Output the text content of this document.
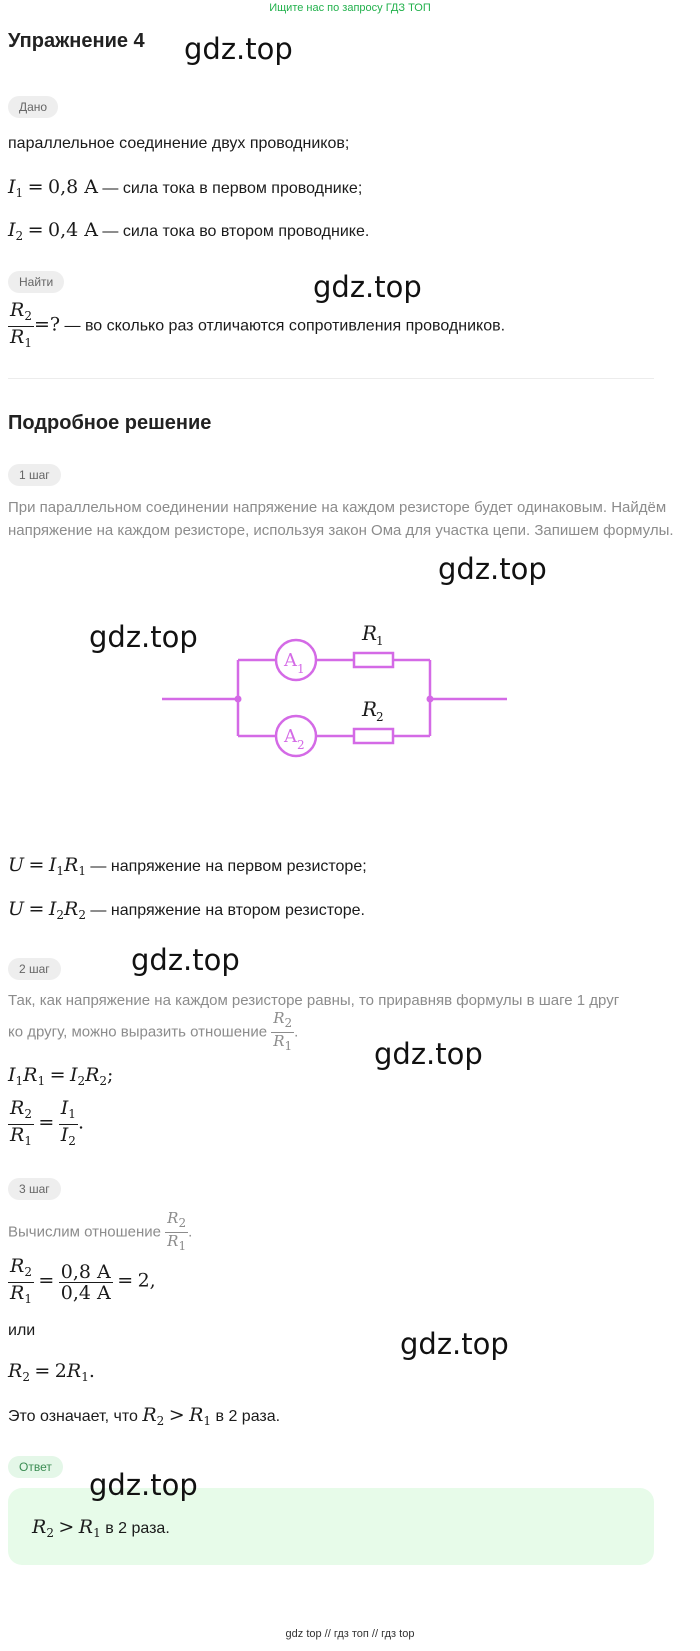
Ищите нас по запросу ГДЗ ТОП
Упражнение 4 gdz.top
Дано
параллельное соединение двух проводников;
$I_1 = 0,8$ A — сила тока в первом проводнике;
$I_2 = 0,4$ A — сила тока во втором проводнике.
Найти	gdz.top
$\frac{R_2}{R_1}$ =? — во сколько раз отличаются сопротивления проводников.
Подробное решение
1 шаг
При параллельном соединении напряжение на каждом резисторе будет одинаковым. Найдём напряжение на каждом резисторе, используя закон Ома для участка цепи. Запишем формулы.
gdz.top
gdz.top
A 1
A 2
R
1
R
2
$U = I_1R_1$ — напряжение на первом резисторе;
$U = I_2R_2$ — напряжение на втором резисторе.
2 шаг	gdz.top
Так, как напряжение на каждом резисторе равны, то приравняв формулы в шаге 1 друг
ко другу, можно выразить отношение $\frac{R_2}{R_1}$ .
gdz.top
$I_1R_1 = I_2R_2$;
$\frac{R_2}{R_1} = \frac{I_1}{I_2}$ .
3 шаг
Вычислим отношение $\frac{R_2}{R_1}$ .
$\frac{R_2}{R_1} = \frac{0,8 A}{0,4 A} = 2$,
или	gdz.top
$R_2 = 2R_1$.
Это означает, что $R_2 > R_1$ в 2 раза.
Ответ
gdz.top
$R_2 > R_1$ в 2 раза.
gdz top // гдз топ // гдз top
